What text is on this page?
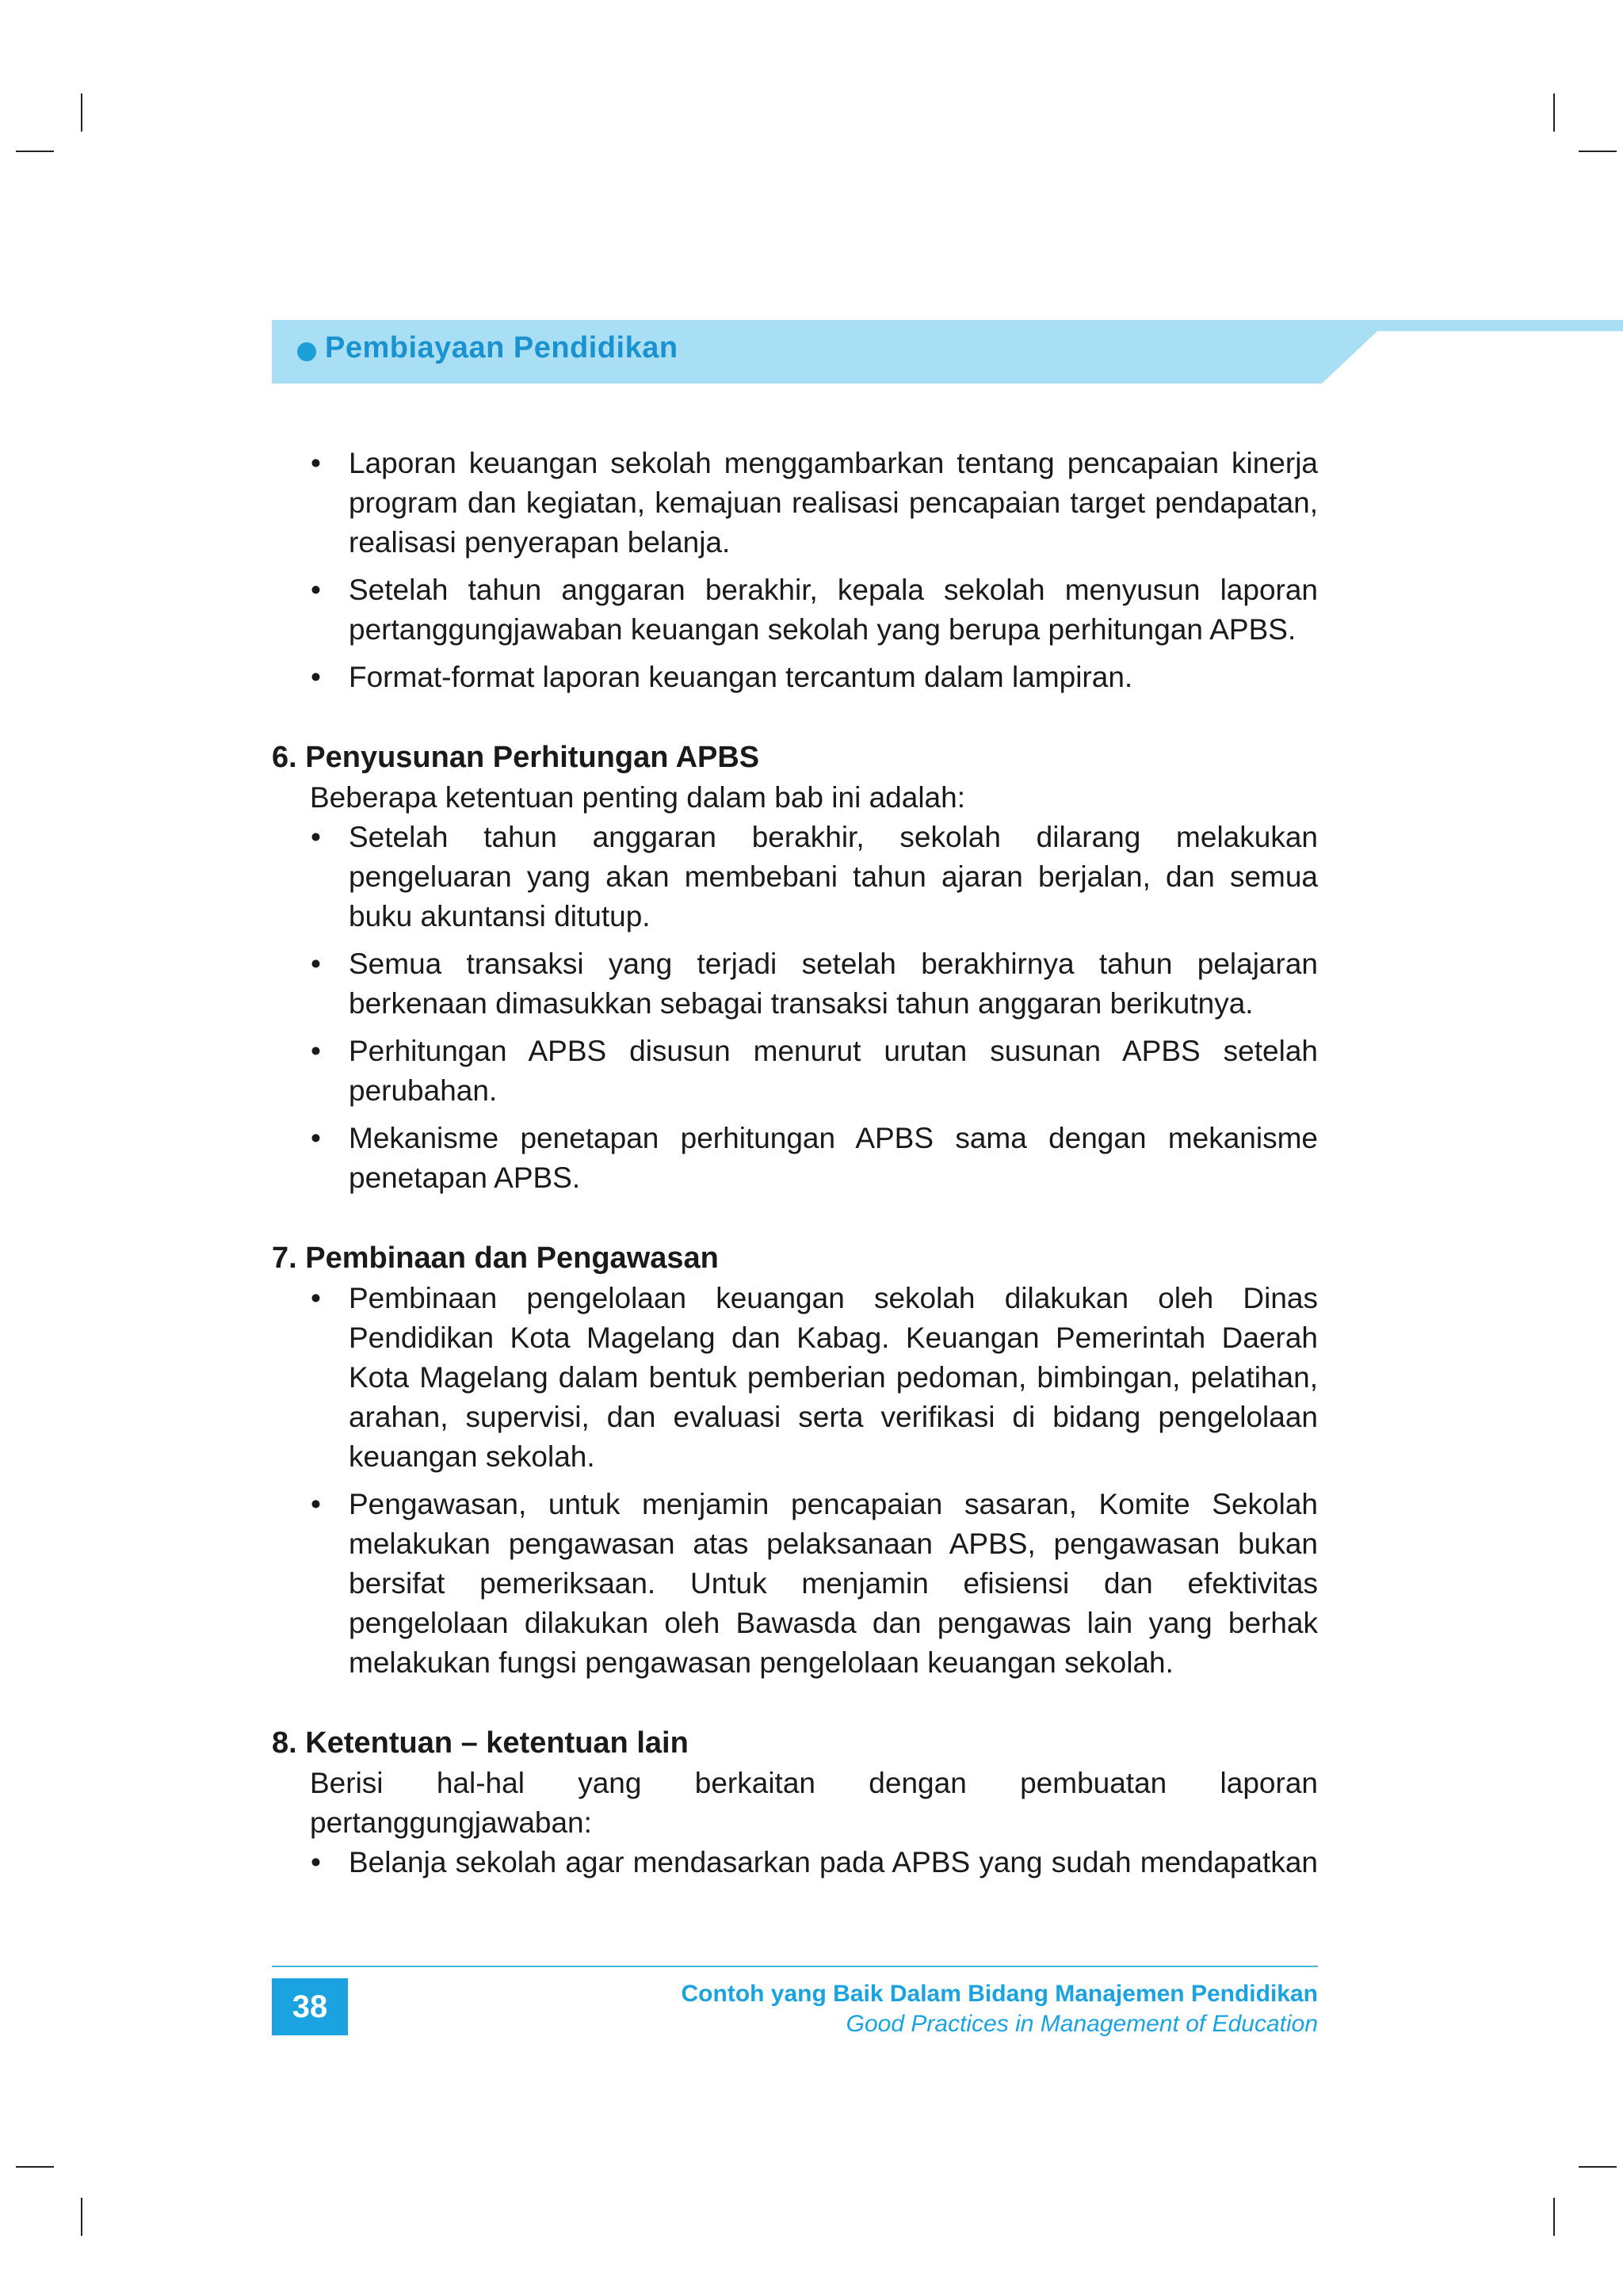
Pembiayaan Pendidikan
• Laporan keuangan sekolah menggambarkan tentang pencapaian kinerja program dan kegiatan, kemajuan realisasi pencapaian target pendapatan, realisasi penyerapan belanja.
• Setelah tahun anggaran berakhir, kepala sekolah menyusun laporan pertanggungjawaban keuangan sekolah yang berupa perhitungan APBS.
• Format-format laporan keuangan tercantum dalam lampiran.
6. Penyusunan Perhitungan APBS

Beberapa ketentuan penting dalam bab ini adalah:

• Setelah tahun anggaran berakhir, sekolah dilarang melakukan pengeluaran yang akan membebani tahun ajaran berjalan, dan semua buku akuntansi ditutup.
• Semua transaksi yang terjadi setelah berakhirnya tahun pelajaran berkenaan dimasukkan sebagai transaksi tahun anggaran berikutnya.
• Perhitungan APBS disusun menurut urutan susunan APBS setelah perubahan.
• Mekanisme penetapan perhitungan APBS sama dengan mekanisme penetapan APBS.
7. Pembinaan dan Pengawasan
• Pembinaan pengelolaan keuangan sekolah dilakukan oleh Dinas Pendidikan Kota Magelang dan Kabag. Keuangan Pemerintah Daerah Kota Magelang dalam bentuk pemberian pedoman, bimbingan, pelatihan, arahan, supervisi, dan evaluasi serta verifikasi di bidang pengelolaan keuangan sekolah.
• Pengawasan, untuk menjamin pencapaian sasaran, Komite Sekolah melakukan pengawasan atas pelaksanaan APBS, pengawasan bukan bersifat pemeriksaan. Untuk menjamin efisiensi dan efektivitas pengelolaan dilakukan oleh Bawasda dan pengawas lain yang berhak melakukan fungsi pengawasan pengelolaan keuangan sekolah.
8. Ketentuan – ketentuan lain

Berisi hal-hal yang berkaitan dengan pembuatan laporan pertanggungjawaban:

• Belanja sekolah agar mendasarkan pada APBS yang sudah mendapatkan
38	Contoh yang Baik Dalam Bidang Manajemen Pendidikan
Good Practices in Management of Education
